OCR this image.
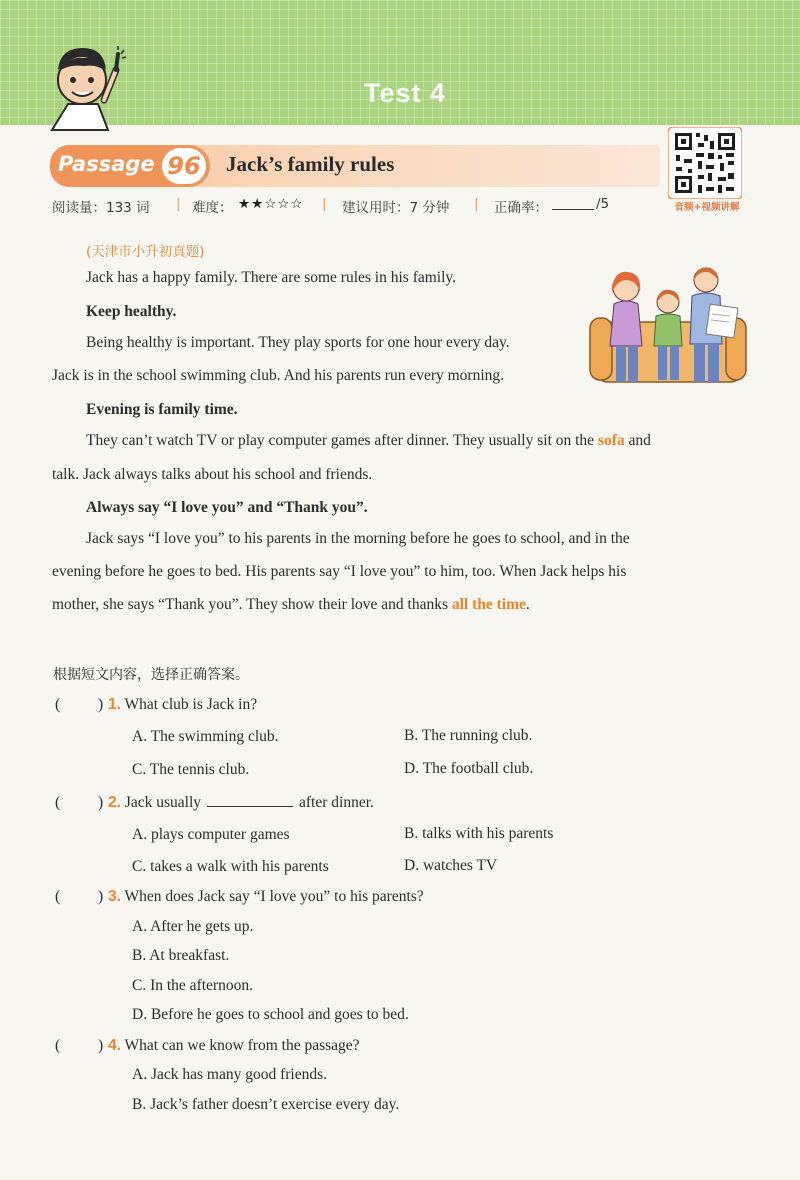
Test 4
Passage 96	Jack’s family rules
音频+视频讲解
阅读量：133 词 | 难度： ★★☆☆☆ | 建议用时：7 分钟 | 正确率：	/5
(天津市小升初真题)
Jack has a happy family. There are some rules in his family.
Keep healthy.
Being healthy is important. They play sports for one hour every day.
Jack is in the school swimming club. And his parents run every morning.
Evening is family time.
They can’t watch TV or play computer games after dinner. They usually sit on the sofa and
talk. Jack always talks about his school and friends.
Always say “I love you” and “Thank you”.
Jack says “I love you” to his parents in the morning before he goes to school, and in the
evening before he goes to bed. His parents say “I love you” to him, too. When Jack helps his
mother, she says “Thank you”. They show their love and thanks all the time.
根据短文内容，选择正确答案。
( ) 1. What club is Jack in?
A. The swimming club.	B. The running club.
C. The tennis club.	D. The football club.
( ) 2. Jack usually	after dinner.
A. plays computer games	B. talks with his parents
C. takes a walk with his parents	D. watches TV
( ) 3. When does Jack say “I love you” to his parents?
A. After he gets up.
B. At breakfast.
C. In the afternoon.
D. Before he goes to school and goes to bed.
( ) 4. What can we know from the passage?
A. Jack has many good friends.
B. Jack’s father doesn’t exercise every day.
